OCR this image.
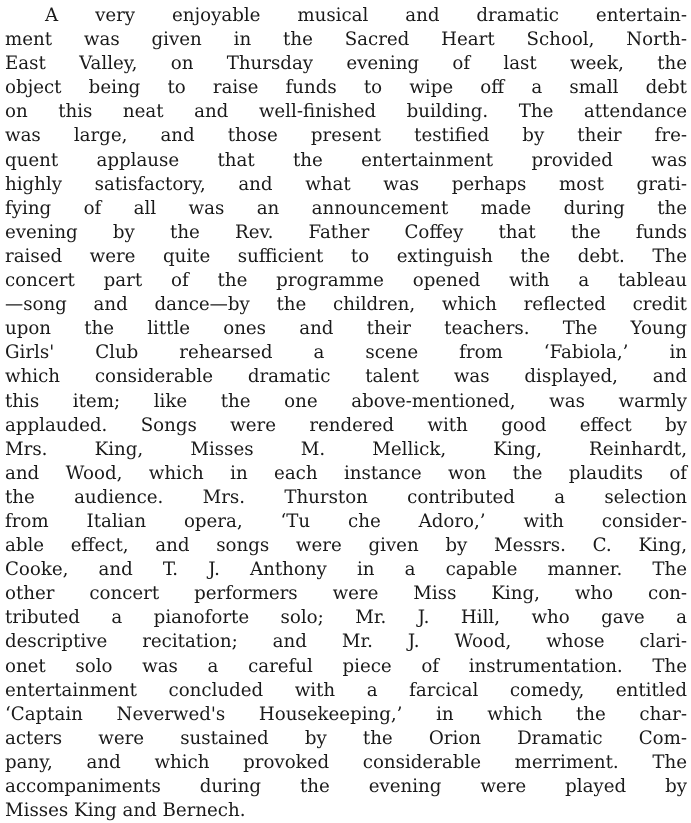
A very enjoyable musical and dramatic entertain-
ment was given in the Sacred Heart School, North-
East Valley, on Thursday evening of last week, the
object being to raise funds to wipe off a small debt
on this neat and well-finished building. The attendance
was large, and those present testified by their fre-
quent applause that the entertainment provided was
highly satisfactory, and what was perhaps most grati-
fying of all was an announcement made during the
evening by the Rev. Father Coffey that the funds
raised were quite sufficient to extinguish the debt. The
concert part of the programme opened with a tableau
—song and dance—by the children, which reflected credit
upon the little ones and their teachers. The Young
Girls' Club rehearsed a scene from ‘Fabiola,’ in
which considerable dramatic talent was displayed, and
this item; like the one above-mentioned, was warmly
applauded. Songs were rendered with good effect by
Mrs. King, Misses M. Mellick, King, Reinhardt,
and Wood, which in each instance won the plaudits of
the audience. Mrs. Thurston contributed a selection
from Italian opera, ‘Tu che Adoro,’ with consider-
able effect, and songs were given by Messrs. C. King,
Cooke, and T. J. Anthony in a capable manner. The
other concert performers were Miss King, who con-
tributed a pianoforte solo; Mr. J. Hill, who gave a
descriptive recitation; and Mr. J. Wood, whose clari-
onet solo was a careful piece of instrumentation. The
entertainment concluded with a farcical comedy, entitled
‘Captain Neverwed's Housekeeping,’ in which the char-
acters were sustained by the Orion Dramatic Com-
pany, and which provoked considerable merriment. The
accompaniments during the evening were played by
Misses King and Bernech.
